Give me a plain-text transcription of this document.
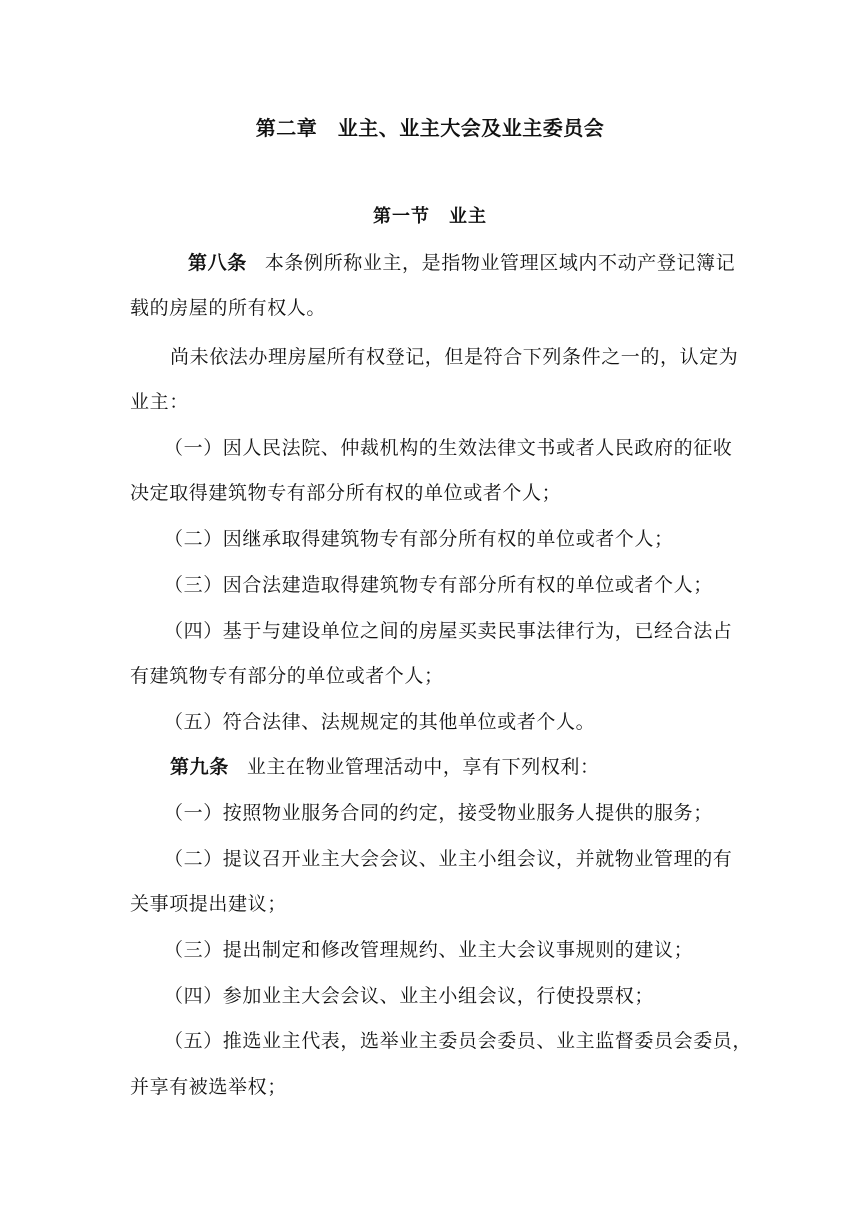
第二章　业主、业主大会及业主委员会
第一节　业主
第八条 本条例所称业主，是指物业管理区域内不动产登记簿记
载的房屋的所有权人。
尚未依法办理房屋所有权登记，但是符合下列条件之一的，认定为
业主：
（一）因人民法院、仲裁机构的生效法律文书或者人民政府的征收
决定取得建筑物专有部分所有权的单位或者个人；
（二）因继承取得建筑物专有部分所有权的单位或者个人；
（三）因合法建造取得建筑物专有部分所有权的单位或者个人；
（四）基于与建设单位之间的房屋买卖民事法律行为，已经合法占
有建筑物专有部分的单位或者个人；
（五）符合法律、法规规定的其他单位或者个人。
第九条 业主在物业管理活动中，享有下列权利：
（一）按照物业服务合同的约定，接受物业服务人提供的服务；
（二）提议召开业主大会会议、业主小组会议，并就物业管理的有
关事项提出建议；
（三）提出制定和修改管理规约、业主大会议事规则的建议；
（四）参加业主大会会议、业主小组会议，行使投票权；
（五）推选业主代表，选举业主委员会委员、业主监督委员会委员，
并享有被选举权；
